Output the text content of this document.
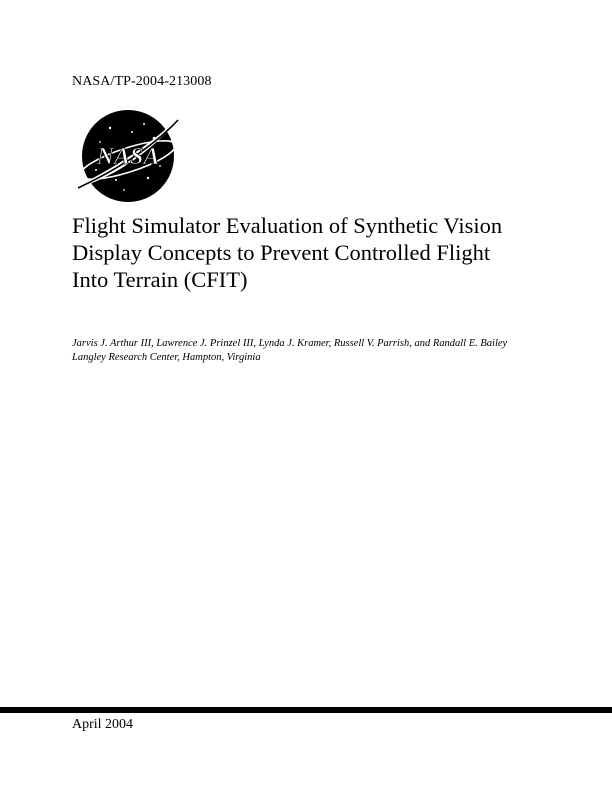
NASA/TP-2004-213008
NASA
Flight Simulator Evaluation of Synthetic Vision
Display Concepts to Prevent Controlled Flight
Into Terrain (CFIT)
Jarvis J. Arthur III, Lawrence J. Prinzel III, Lynda J. Kramer, Russell V. Parrish, and Randall E. Bailey
Langley Research Center, Hampton, Virginia
April 2004
